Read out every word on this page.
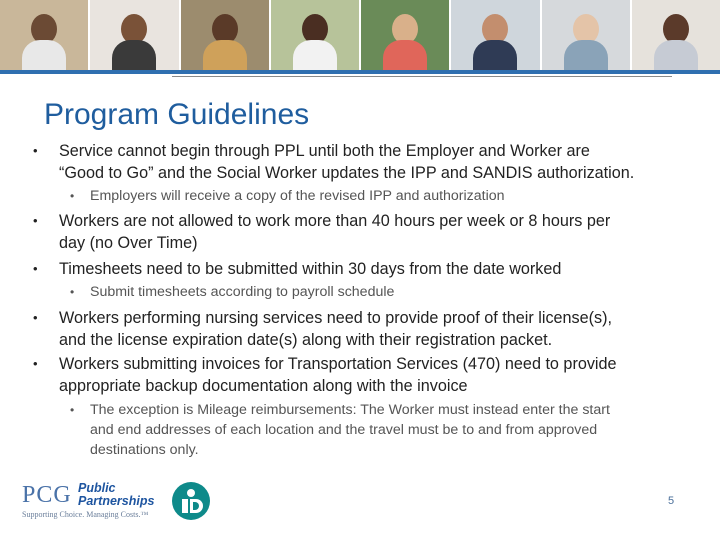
Program Guidelines
• Service cannot begin through PPL until both the Employer and Worker are
“Good to Go” and the Social Worker updates the IPP and SANDIS authorization.
• Employers will receive a copy of the revised IPP and authorization
• Workers are not allowed to work more than 40 hours per week or 8 hours per
day (no Over Time)
• Timesheets need to be submitted within 30 days from the date worked
• Submit timesheets according to payroll schedule
• Workers performing nursing services need to provide proof of their license(s),
and the license expiration date(s) along with their registration packet.
• Workers submitting invoices for Transportation Services (470) need to provide
appropriate backup documentation along with the invoice
• The exception is Mileage reimbursements: The Worker must instead enter the start
and end addresses of each location and the travel must be to and from approved
destinations only.
PCG Public
Partnerships
Supporting Choice. Managing Costs.™
5
